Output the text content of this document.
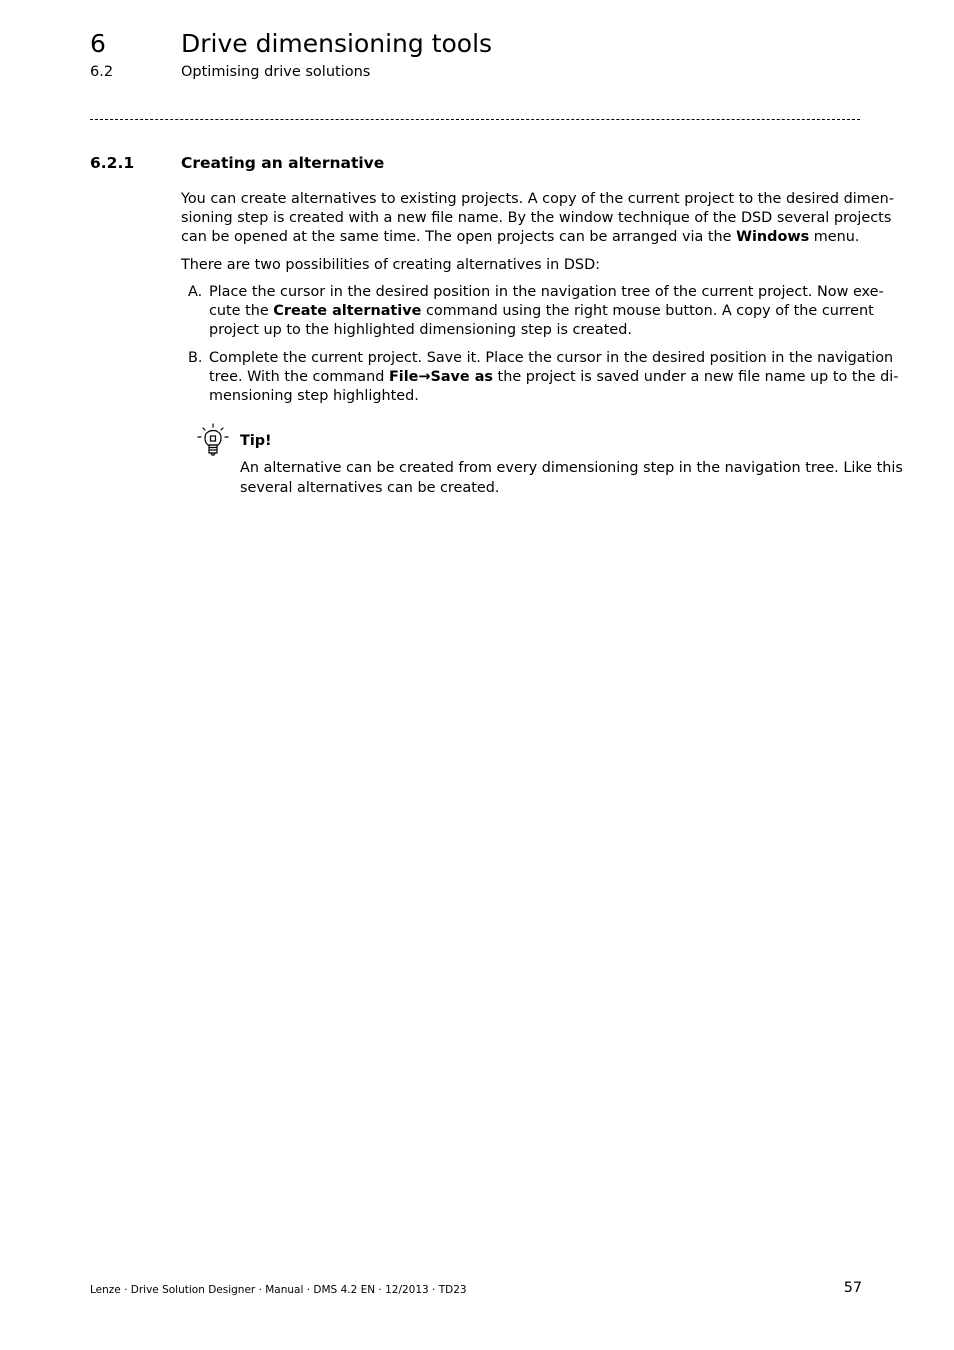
6	Drive dimensioning tools
6.2	Optimising drive solutions
6.2.1	Creating an alternative
You can create alternatives to existing projects. A copy of the current project to the desired dimen-
sioning step is created with a new file name. By the window technique of the DSD several projects
can be opened at the same time. The open projects can be arranged via the Windows menu.
There are two possibilities of creating alternatives in DSD:
A. Place the cursor in the desired position in the navigation tree of the current project. Now exe-
cute the Create alternative command using the right mouse button. A copy of the current
project up to the highlighted dimensioning step is created.
B. Complete the current project. Save it. Place the cursor in the desired position in the navigation
tree. With the command File→Save as the project is saved under a new file name up to the di-
mensioning step highlighted.
Tip!
An alternative can be created from every dimensioning step in the navigation tree. Like this
several alternatives can be created.
Lenze · Drive Solution Designer · Manual · DMS 4.2 EN · 12/2013 · TD23	57
